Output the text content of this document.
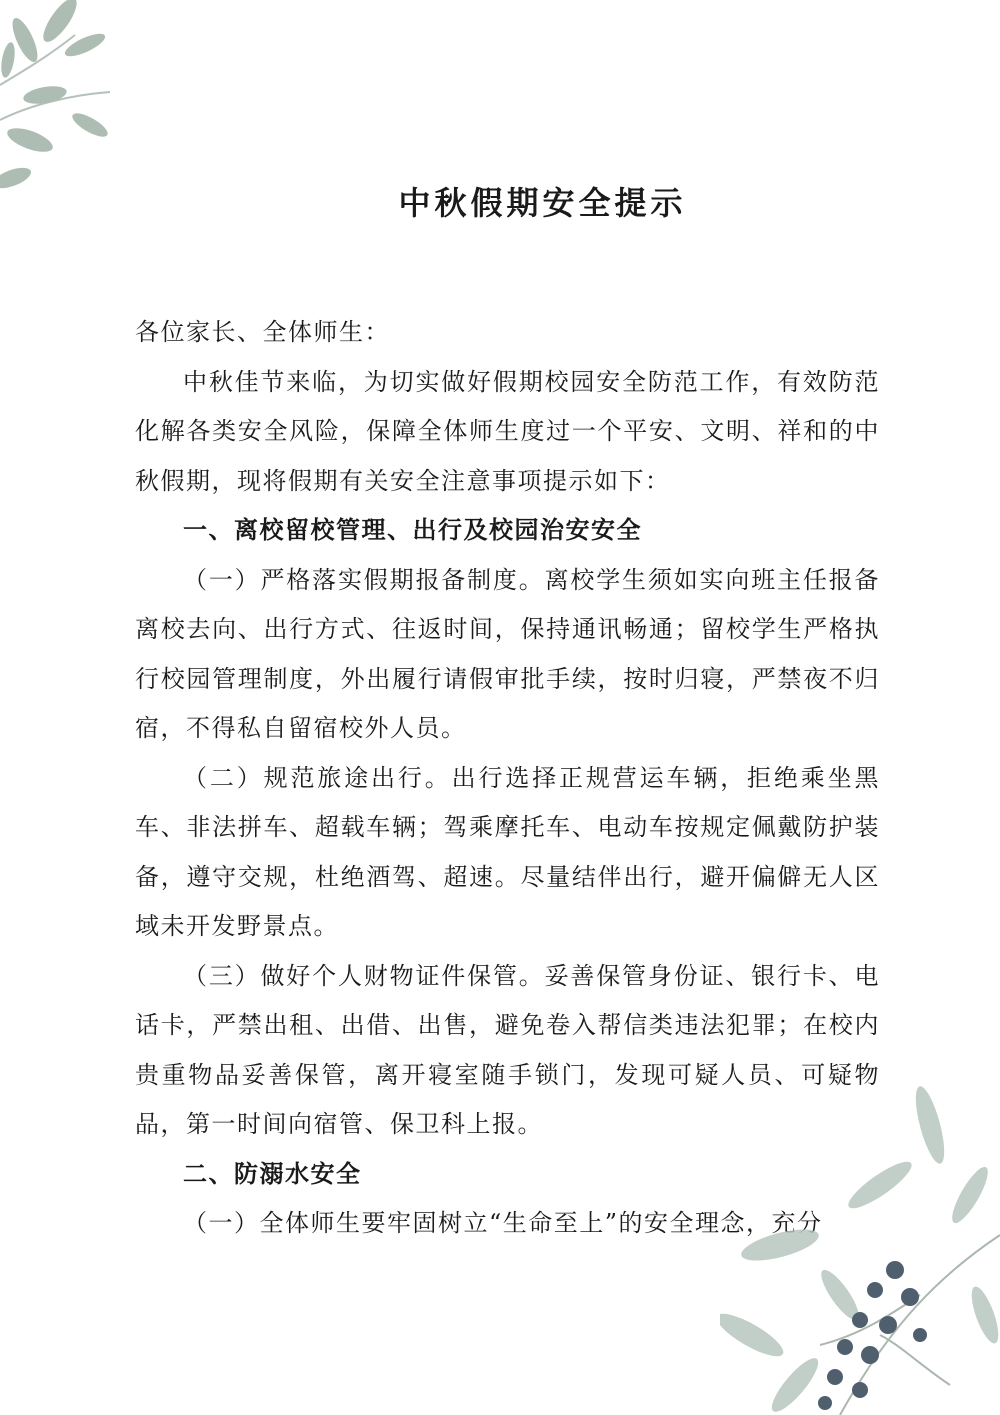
中秋假期安全提示

各位家长、全体师生：

中秋佳节来临，为切实做好假期校园安全防范工作，有效防范化解各类安全风险，保障全体师生度过一个平安、文明、祥和的中秋假期，现将假期有关安全注意事项提示如下：

一、离校留校管理、出行及校园治安安全

（一）严格落实假期报备制度。离校学生须如实向班主任报备离校去向、出行方式、往返时间，保持通讯畅通；留校学生严格执行校园管理制度，外出履行请假审批手续，按时归寝，严禁夜不归宿，不得私自留宿校外人员。

（二）规范旅途出行。出行选择正规营运车辆，拒绝乘坐黑车、非法拼车、超载车辆；驾乘摩托车、电动车按规定佩戴防护装备，遵守交规，杜绝酒驾、超速。尽量结伴出行，避开偏僻无人区域未开发野景点。

（三）做好个人财物证件保管。妥善保管身份证、银行卡、电话卡，严禁出租、出借、出售，避免卷入帮信类违法犯罪；在校内贵重物品妥善保管，离开寝室随手锁门，发现可疑人员、可疑物品，第一时间向宿管、保卫科上报。

二、防溺水安全

（一）全体师生要牢固树立“生命至上”的安全理念，充分
